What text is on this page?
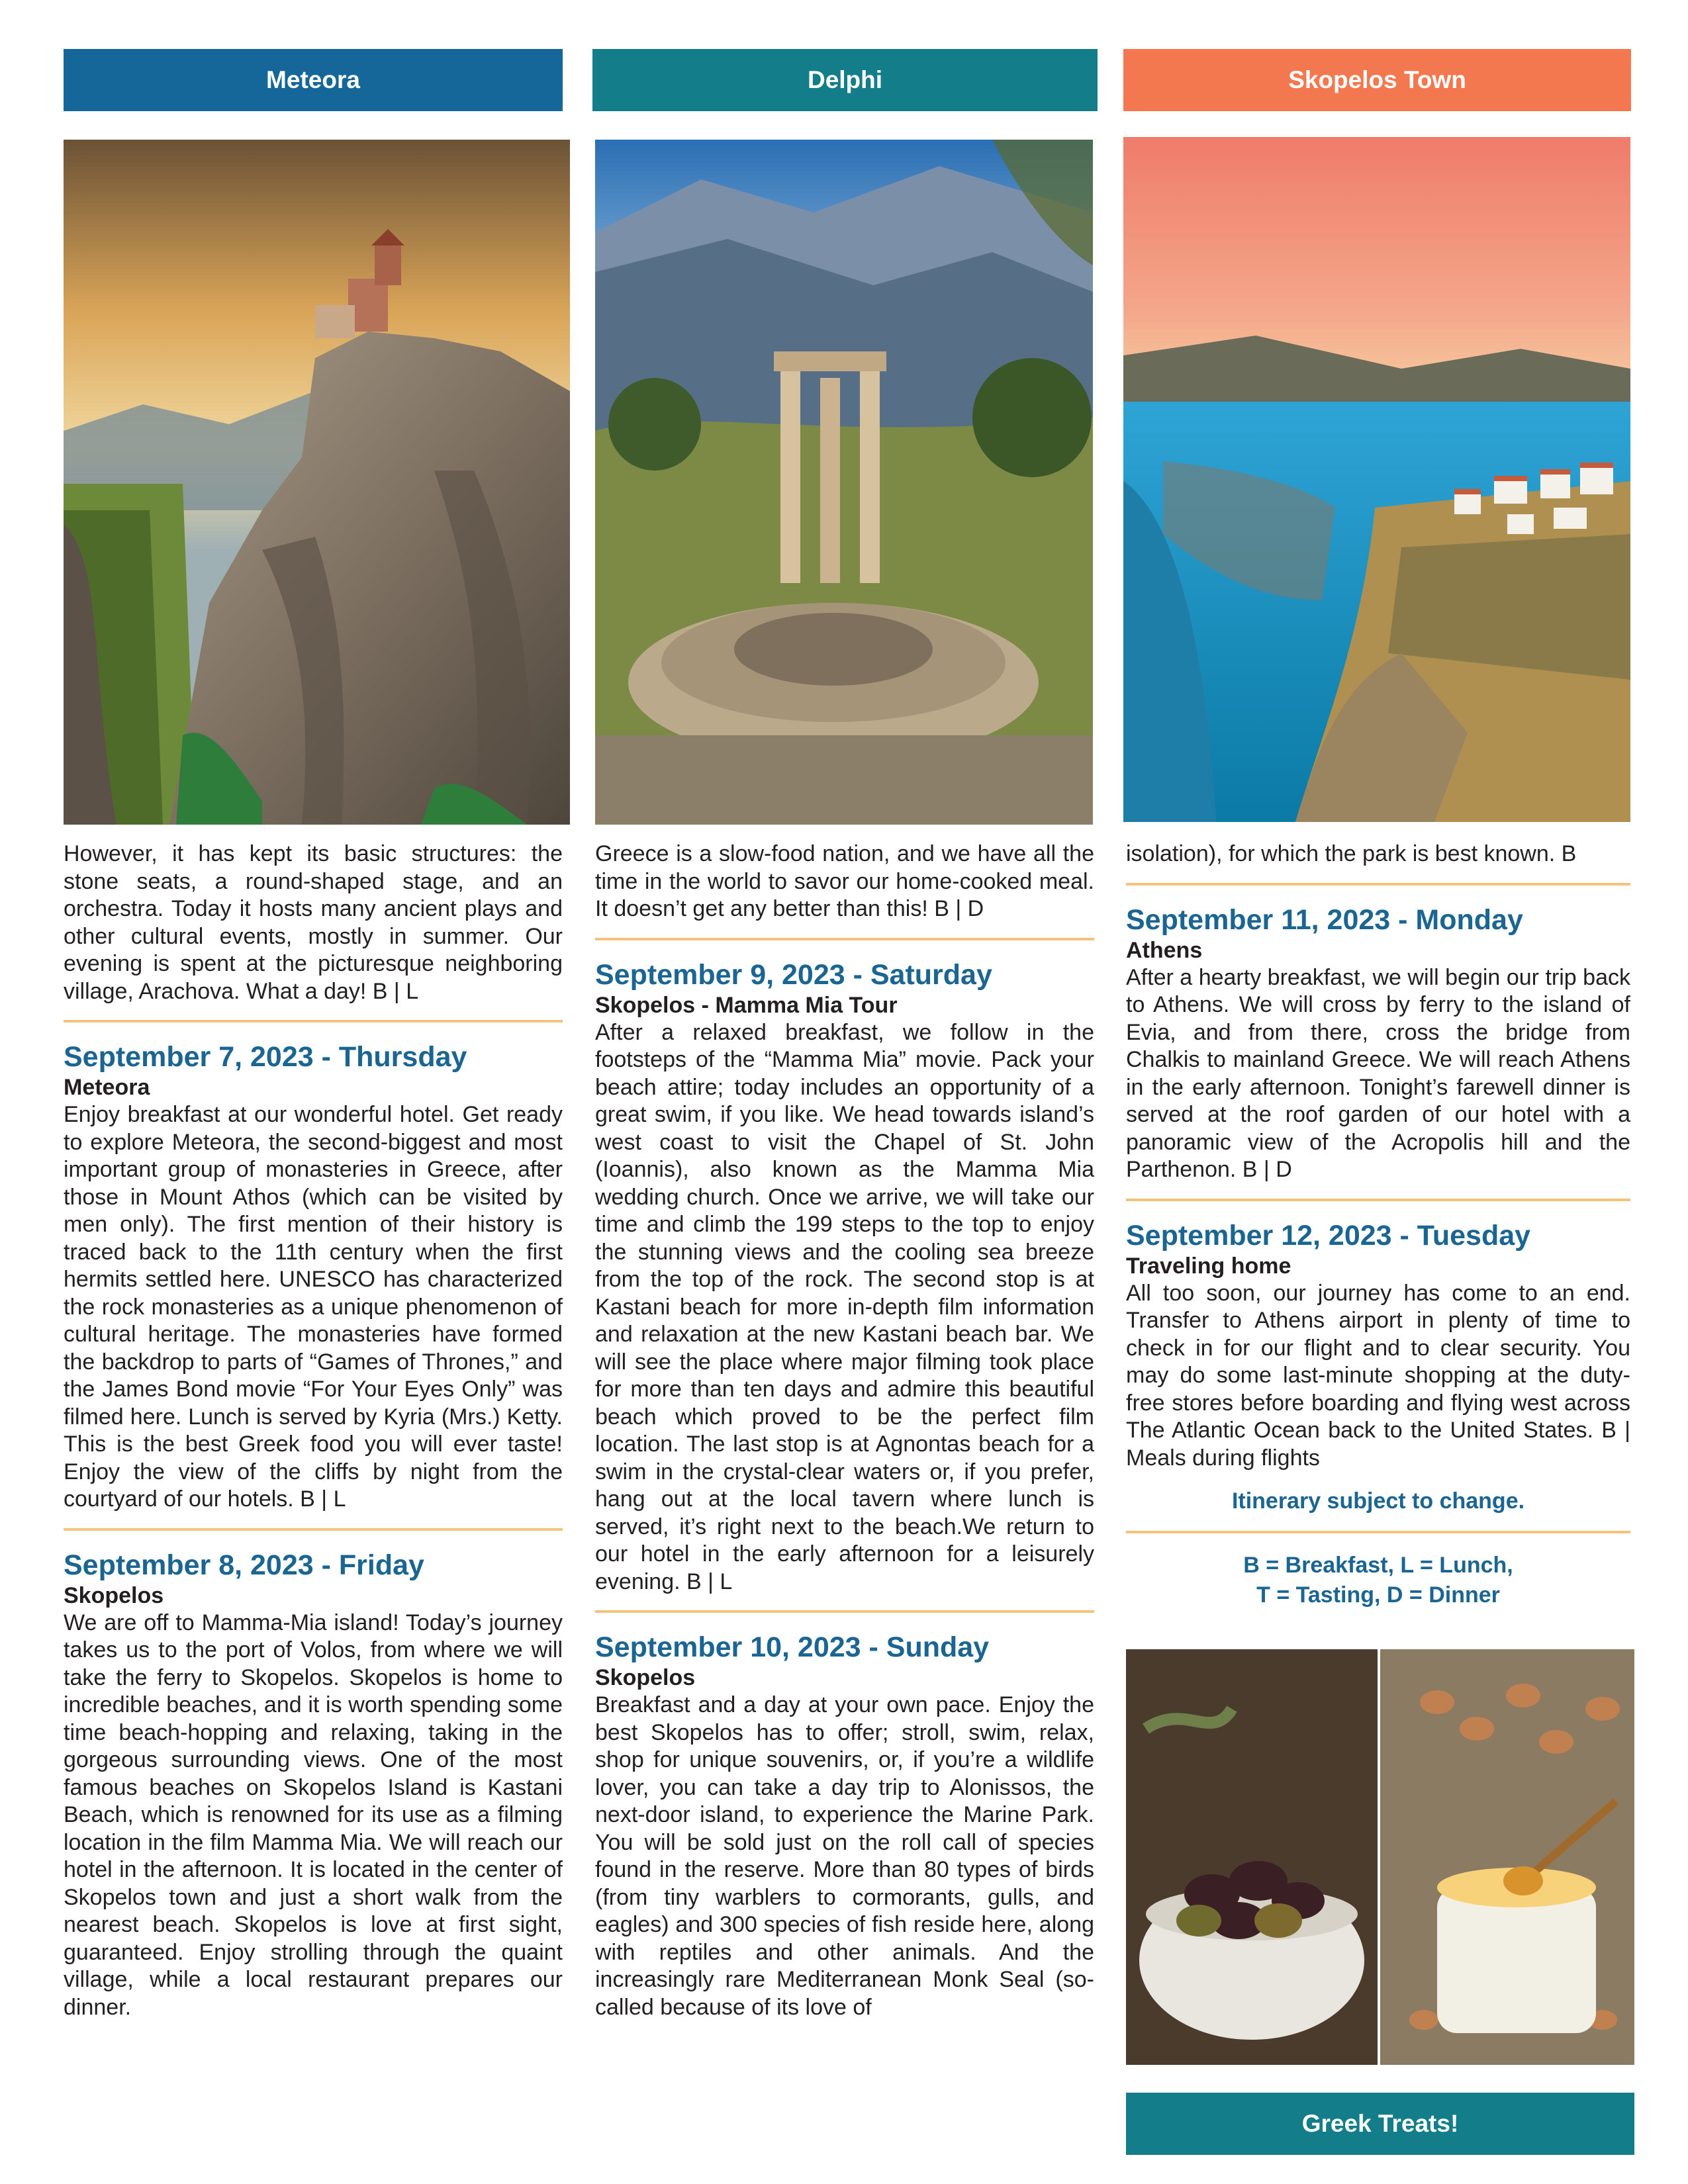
Meteora	Delphi	Skopelos Town

However, it has kept its basic structures: the stone seats, a round-shaped stage, and an orchestra. Today it hosts many ancient plays and other cultural events, mostly in summer. Our evening is spent at the picturesque neighboring village, Arachova. What a day! B | L

September 7, 2023 - Thursday
Meteora

Enjoy breakfast at our wonderful hotel. Get ready to explore Meteora, the second-biggest and most important group of monasteries in Greece, after those in Mount Athos (which can be visited by men only). The first mention of their history is traced back to the 11th century when the first hermits settled here. UNESCO has characterized the rock monasteries as a unique phenomenon of cultural heritage. The monasteries have formed the backdrop to parts of “Games of Thrones,” and the James Bond movie “For Your Eyes Only” was filmed here. Lunch is served by Kyria (Mrs.) Ketty. This is the best Greek food you will ever taste! Enjoy the view of the cliffs by night from the courtyard of our hotels. B | L

September 8, 2023 - Friday
Skopelos

We are off to Mamma-Mia island! Today’s journey takes us to the port of Volos, from where we will take the ferry to Skopelos. Skopelos is home to incredible beaches, and it is worth spending some time beach-hopping and relaxing, taking in the gorgeous surrounding views. One of the most famous beaches on Skopelos Island is Kastani Beach, which is renowned for its use as a filming location in the film Mamma Mia. We will reach our hotel in the afternoon. It is located in the center of Skopelos town and just a short walk from the nearest beach. Skopelos is love at first sight, guaranteed. Enjoy strolling through the quaint village, while a local restaurant prepares our dinner.

Greece is a slow-food nation, and we have all the time in the world to savor our home-cooked meal. It doesn’t get any better than this! B | D

September 9, 2023 - Saturday
Skopelos - Mamma Mia Tour

After a relaxed breakfast, we follow in the footsteps of the “Mamma Mia” movie. Pack your beach attire; today includes an opportunity of a great swim, if you like. We head towards island’s west coast to visit the Chapel of St. John (Ioannis), also known as the Mamma Mia wedding church. Once we arrive, we will take our time and climb the 199 steps to the top to enjoy the stunning views and the cooling sea breeze from the top of the rock. The second stop is at Kastani beach for more in-depth film information and relaxation at the new Kastani beach bar. We will see the place where major filming took place for more than ten days and admire this beautiful beach which proved to be the perfect film location. The last stop is at Agnontas beach for a swim in the crystal-clear waters or, if you prefer, hang out at the local tavern where lunch is served, it’s right next to the beach.We return to our hotel in the early afternoon for a leisurely evening. B | L

September 10, 2023 - Sunday
Skopelos

Breakfast and a day at your own pace. Enjoy the best Skopelos has to offer; stroll, swim, relax, shop for unique souvenirs, or, if you’re a wildlife lover, you can take a day trip to Alonissos, the next-door island, to experience the Marine Park. You will be sold just on the roll call of species found in the reserve. More than 80 types of birds (from tiny warblers to cormorants, gulls, and eagles) and 300 species of fish reside here, along with reptiles and other animals. And the increasingly rare Mediterranean Monk Seal (so-called because of its love of

isolation), for which the park is best known. B

September 11, 2023 - Monday
Athens

After a hearty breakfast, we will begin our trip back to Athens. We will cross by ferry to the island of Evia, and from there, cross the bridge from Chalkis to mainland Greece. We will reach Athens in the early afternoon. Tonight’s farewell dinner is served at the roof garden of our hotel with a panoramic view of the Acropolis hill and the Parthenon. B | D

September 12, 2023 - Tuesday
Traveling home

All too soon, our journey has come to an end. Transfer to Athens airport in plenty of time to check in for our flight and to clear security. You may do some last-minute shopping at the duty-free stores before boarding and flying west across The Atlantic Ocean back to the United States. B | Meals during flights

Itinerary subject to change.
B = Breakfast, L = Lunch,
T = Tasting, D = Dinner
Greek Treats!
